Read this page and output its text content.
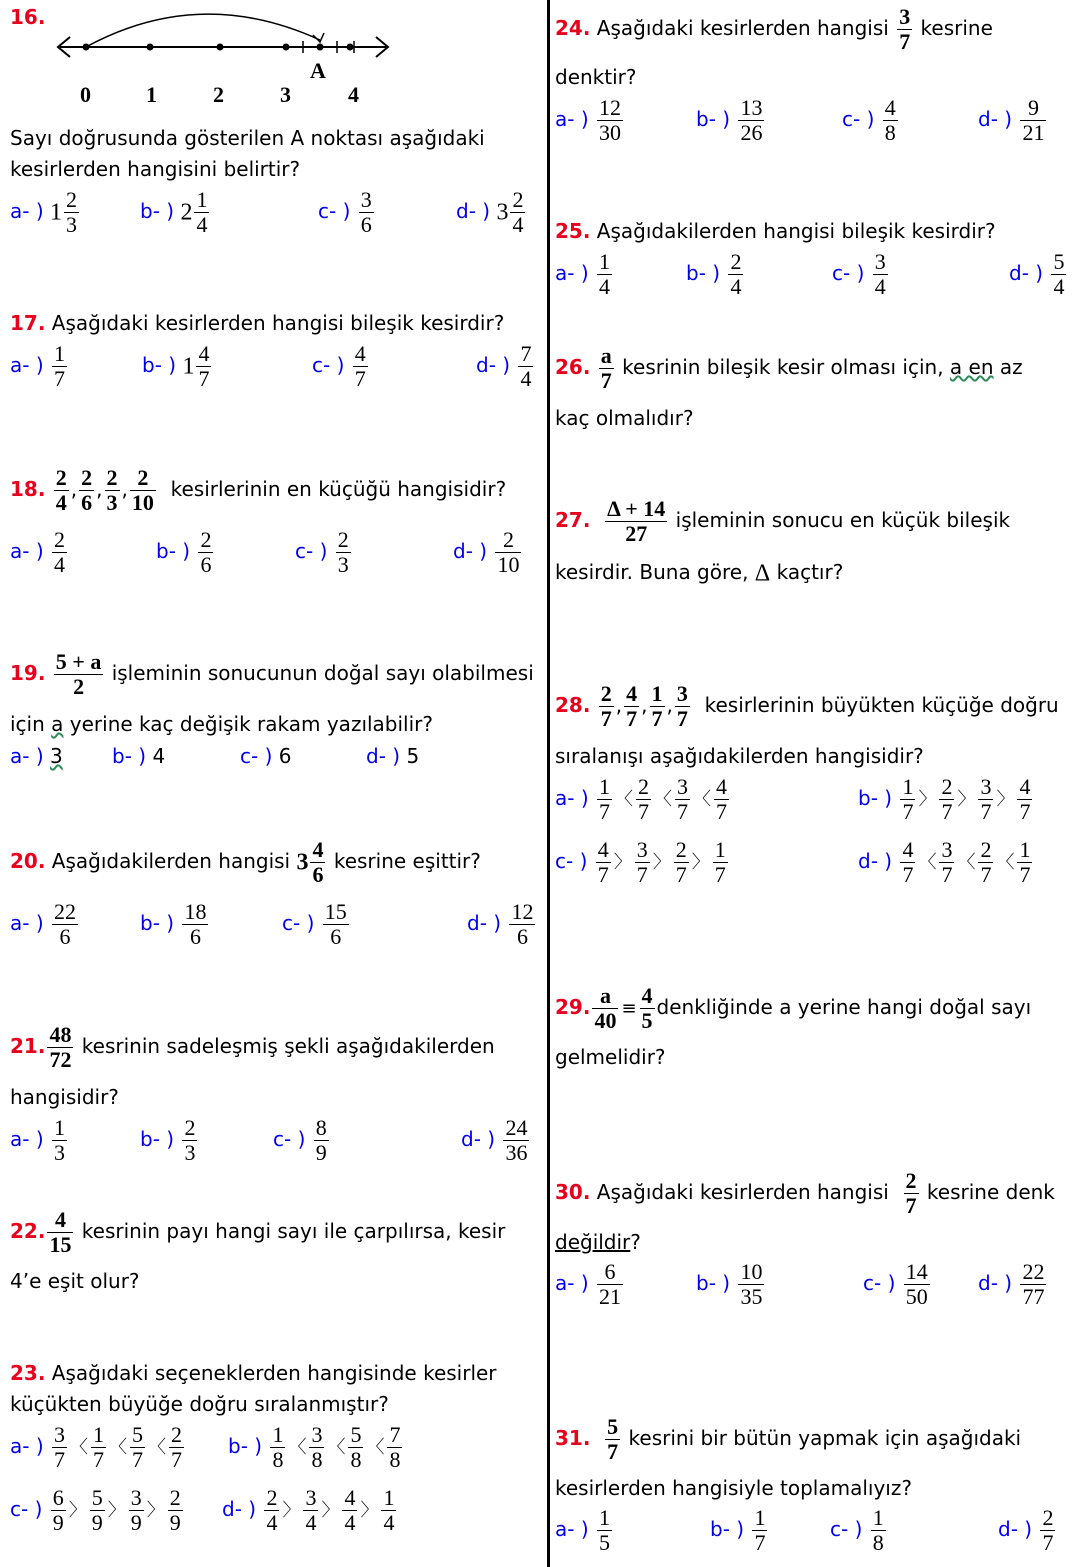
16.
A
0	1	2	3	4
Sayı doğrusunda gösterilen A noktası aşağıdaki
kesirlerden hangisini belirtir?
a- ) $1 \frac{2}{3}$	b- ) $2 \frac{1}{4}$	c- ) $\frac{3}{6}$	d- ) $3 \frac{2}{4}$
17. Aşağıdaki kesirlerden hangisi bileşik kesirdir?
a- ) $\frac{1}{7}$	b- ) $1 \frac{4}{7}$	c- ) $\frac{4}{7}$	d- ) $\frac{7}{4}$
18. $\frac{2}{4}$ , $\frac{2}{6}$ , $\frac{2}{3}$ , $\frac{2}{10}$ kesirlerinin en küçüğü hangisidir?
a- ) $\frac{2}{4}$	b- ) $\frac{2}{6}$	c- ) $\frac{2}{3}$	d- ) $\frac{2}{10}$
19. $\frac{5 + a}{2}$ işleminin sonucunun doğal sayı olabilmesi
için a yerine kaç değişik rakam yazılabilir?
a- ) 3 b- ) 4	c- ) 6	d- ) 5
20. Aşağıdakilerden hangisi $3 \frac{4}{6}$ kesrine eşittir?
a- ) $\frac{22}{6}$	b- ) $\frac{18}{6}$	c- ) $\frac{15}{6}$	d- ) $\frac{12}{6}$
21. $\frac{48}{72}$ kesrinin sadeleşmiş şekli aşağıdakilerden
hangisidir?
a- ) $\frac{1}{3}$	b- ) $\frac{2}{3}$	c- ) $\frac{8}{9}$	d- ) $\frac{24}{36}$
22. $\frac{4}{15}$ kesrinin payı hangi sayı ile çarpılırsa, kesir
4’e eşit olur?
23. Aşağıdaki seçeneklerden hangisinde kesirler
küçükten büyüğe doğru sıralanmıştır?
a- ) $\frac{3}{7}$ 〈 $\frac{1}{7}$ 〈 $\frac{5}{7}$ 〈 $\frac{2}{7} b-$ ) $\frac{1}{8}$ 〈 $\frac{3}{8}$ 〈 $\frac{5}{8}$ 〈 $\frac{7}{8}$
c- ) $\frac{6}{9}$ 〉 $\frac{5}{9}$ 〉 $\frac{3}{9}$ 〉 $\frac{2}{9} d-$ ) $\frac{2}{4}$ 〉 $\frac{3}{4}$ 〉 $\frac{4}{4}$ 〉 $\frac{1}{4}$
24. Aşağıdaki kesirlerden hangisi $\frac{3}{7}$ kesrine
denktir?
a- ) $\frac{12}{30}$	b- ) $\frac{13}{26}$	c- ) $\frac{4}{8}$	d- ) $\frac{9}{21}$
25. Aşağıdakilerden hangisi bileşik kesirdir?
a- ) $\frac{1}{4}$	b- ) $\frac{2}{4}$	c- ) $\frac{3}{4}$	d- ) $\frac{5}{4}$
26. $\frac{a}{7}$ kesrinin bileşik kesir olması için, a en az
kaç olmalıdır?
27. $\frac{\Delta + 14}{27}$ işleminin sonucu en küçük bileşik
kesirdir. Buna göre, Δ kaçtır?
28. $\frac{2}{7}$ , $\frac{4}{7}$ , $\frac{1}{7}$ , $\frac{3}{7}$ kesirlerinin büyükten küçüğe doğru
sıralanışı aşağıdakilerden hangisidir?
a- ) $\frac{1}{7}$ 〈 $\frac{2}{7}$ 〈 $\frac{3}{7}$ 〈 $\frac{4}{7}$	b- ) $\frac{1}{7}$ 〉 $\frac{2}{7}$ 〉 $\frac{3}{7}$ 〉 $\frac{4}{7}$
c- ) $\frac{4}{7}$ 〉 $\frac{3}{7}$ 〉 $\frac{2}{7}$ 〉 $\frac{1}{7}$	d- ) $\frac{4}{7}$ 〈 $\frac{3}{7}$ 〈 $\frac{2}{7}$ 〈 $\frac{1}{7}$
29. $\frac{a}{40} \equiv \frac{4}{5}$ denkliğinde a yerine hangi doğal sayı
gelmelidir?
30. Aşağıdaki kesirlerden hangisi $\frac{2}{7}$ kesrine denk
değildir?
a- ) $\frac{6}{21}$	b- ) $\frac{10}{35}$	c- ) $\frac{14}{50} d-$ ) $\frac{22}{77}$
31. $\frac{5}{7}$ kesrini bir bütün yapmak için aşağıdaki
kesirlerden hangisiyle toplamalıyız?
a- ) $\frac{1}{5}$	b- ) $\frac{1}{7}$	c- ) $\frac{1}{8}$	d- ) $\frac{2}{7}$
